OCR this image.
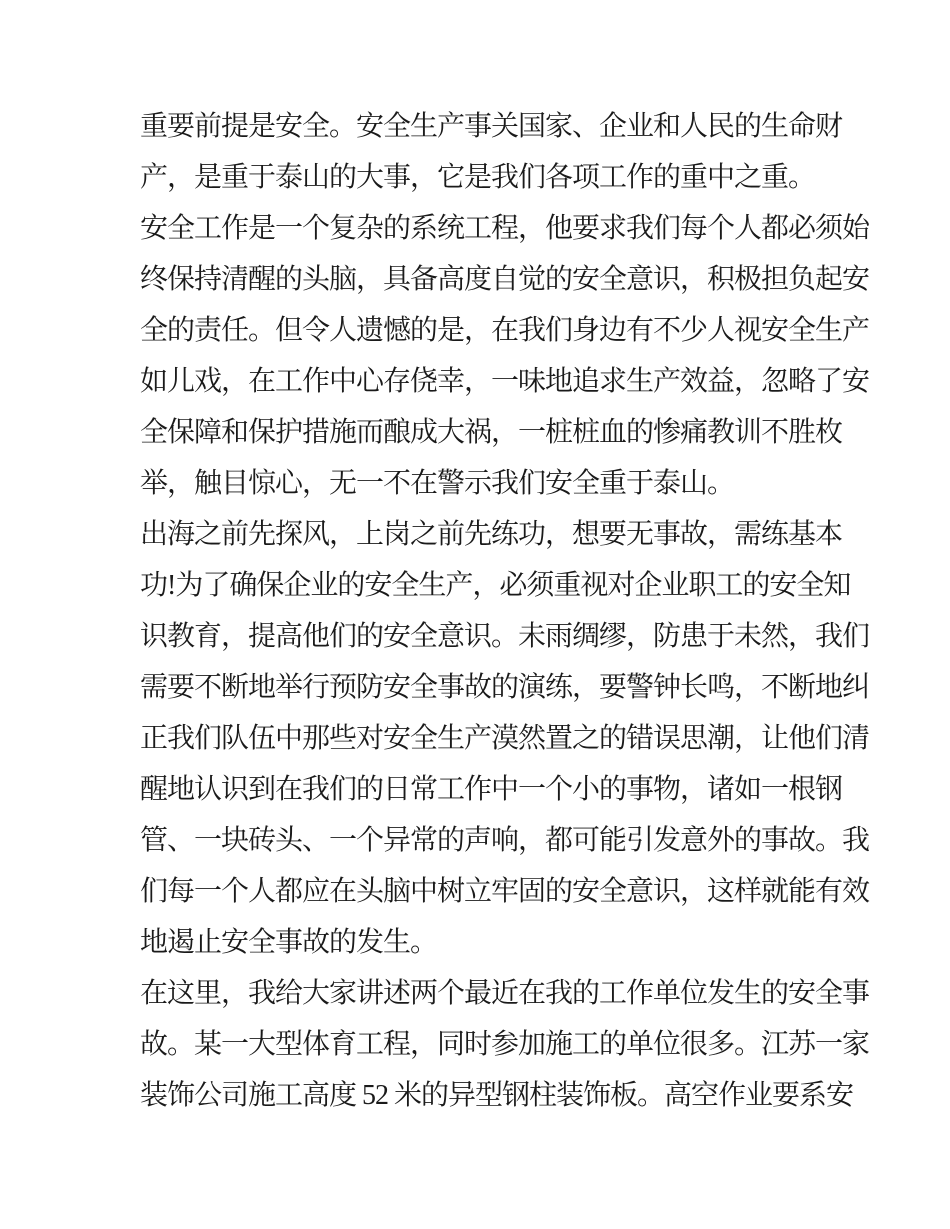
重要前提是安全。安全生产事关国家、企业和人民的生命财
产，是重于泰山的大事，它是我们各项工作的重中之重。
安全工作是一个复杂的系统工程，他要求我们每个人都必须始
终保持清醒的头脑，具备高度自觉的安全意识，积极担负起安
全的责任。但令人遗憾的是，在我们身边有不少人视安全生产
如儿戏，在工作中心存侥幸，一味地追求生产效益，忽略了安
全保障和保护措施而酿成大祸，一桩桩血的惨痛教训不胜枚
举，触目惊心，无一不在警示我们安全重于泰山。
出海之前先探风，上岗之前先练功，想要无事故，需练基本
功!为了确保企业的安全生产，必须重视对企业职工的安全知
识教育，提高他们的安全意识。未雨绸缪，防患于未然，我们
需要不断地举行预防安全事故的演练，要警钟长鸣，不断地纠
正我们队伍中那些对安全生产漠然置之的错误思潮，让他们清
醒地认识到在我们的日常工作中一个小的事物，诸如一根钢
管、一块砖头、一个异常的声响，都可能引发意外的事故。我
们每一个人都应在头脑中树立牢固的安全意识，这样就能有效
地遏止安全事故的发生。
在这里，我给大家讲述两个最近在我的工作单位发生的安全事
故。某一大型体育工程，同时参加施工的单位很多。江苏一家
装饰公司施工高度 52 米的异型钢柱装饰板。高空作业要系安
